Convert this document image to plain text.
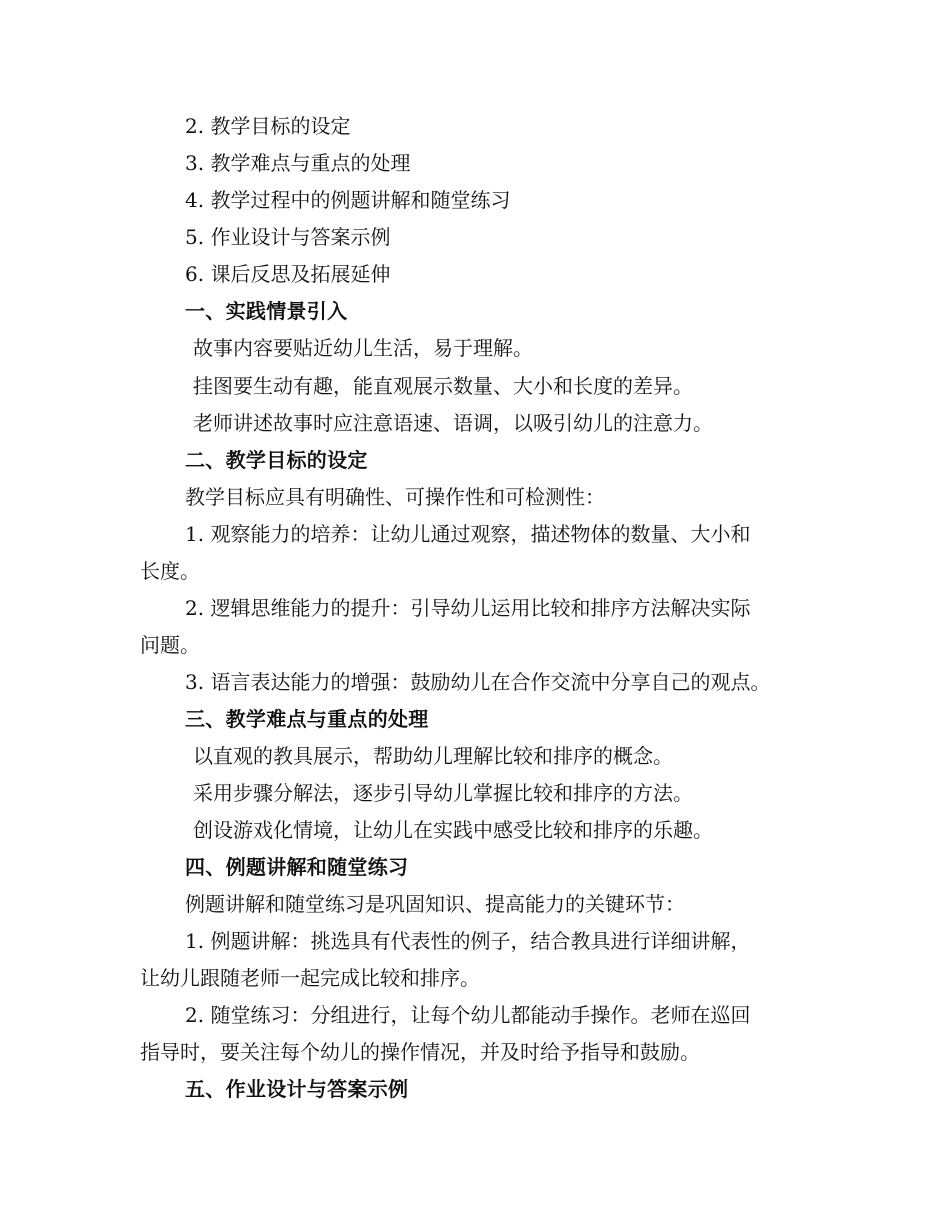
2. 教学目标的设定
3. 教学难点与重点的处理
4. 教学过程中的例题讲解和随堂练习
5. 作业设计与答案示例
6. 课后反思及拓展延伸
一、实践情景引入
故事内容要贴近幼儿生活，易于理解。
挂图要生动有趣，能直观展示数量、大小和长度的差异。
老师讲述故事时应注意语速、语调，以吸引幼儿的注意力。
二、教学目标的设定
教学目标应具有明确性、可操作性和可检测性：
1. 观察能力的培养：让幼儿通过观察，描述物体的数量、大小和
长度。
2. 逻辑思维能力的提升：引导幼儿运用比较和排序方法解决实际
问题。
3. 语言表达能力的增强：鼓励幼儿在合作交流中分享自己的观点。
三、教学难点与重点的处理
以直观的教具展示，帮助幼儿理解比较和排序的概念。
采用步骤分解法，逐步引导幼儿掌握比较和排序的方法。
创设游戏化情境，让幼儿在实践中感受比较和排序的乐趣。
四、例题讲解和随堂练习
例题讲解和随堂练习是巩固知识、提高能力的关键环节：
1. 例题讲解：挑选具有代表性的例子，结合教具进行详细讲解，
让幼儿跟随老师一起完成比较和排序。
2. 随堂练习：分组进行，让每个幼儿都能动手操作。老师在巡回
指导时，要关注每个幼儿的操作情况，并及时给予指导和鼓励。
五、作业设计与答案示例
